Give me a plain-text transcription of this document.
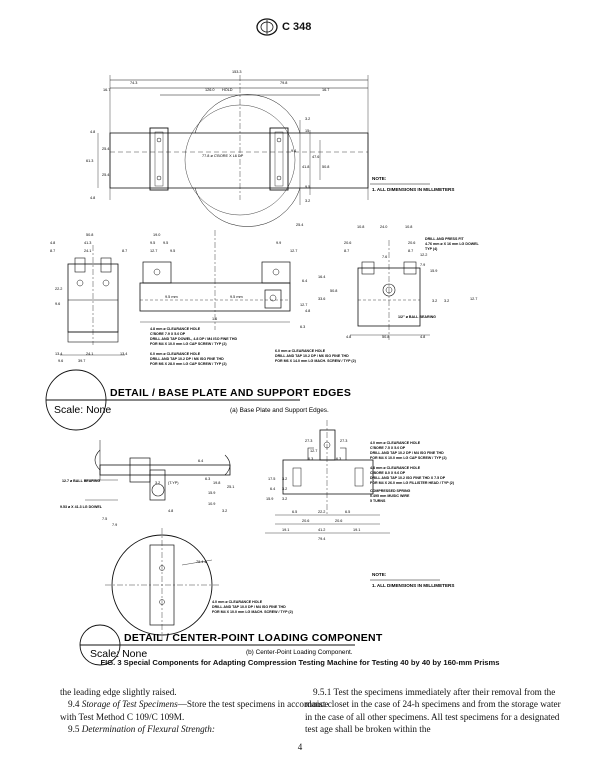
C 348
153.3
74.3	79.8
126.0 HOLD
16.7	16.7
4.8
25.4
61.3
25.4
4.8
3.2
15
9.4
47.6
41.8	50.8
9.5
3.2
77.8 ø C'BORE X L6 DP
NOTE:
1. ALL DIMENSIONS IN MILLIMETERS
50.8
41.3
4.8
8.7	24.1	8.7
22.2
9.6
13.4
39.7
24.1
9.6
13.4
25.4
9.5 9.5
9.5
19.0
12.7
9.9
12.7
9.5 mm	9.5 mm
1.6
6.4
16.4
33.6
12.7
50.8
4.8
6.3
10.8	24.0	10.8
20.6	20.6
7.6
8.7	8.7
7.9
15.9
3.2 3.2	12.7
4.8	50.8	4.8
12.2
4.8 mm ø CLEARANCE HOLE
C'BORE 7.9 X 5.0 DP
DRILL AND TAP DOWEL, 4.8 DP / M4 ISO FINE THD
FOR M4 X 10.0 mm LG CAP SCREW / TYP (2)
6.0 mm ø CLEARANCE HOLE
DRILL AND TAP 10.2 DP / M6 ISO FINE THD
FOR M6 X 28.0 mm LG CAP SCREW / TYP (2)
6.0 mm ø CLEARANCE HOLE
DRILL AND TAP 10.2 DP / M6 ISO FINE THD
FOR M6 X 14.0 mm LG MACH. SCREW / TYP (2)
DRILL AND PRESS FIT
4.76 mm ø X 16 mm LG DOWEL
TYP (4)
1/2" ø BALL BEARING
DETAIL / BASE PLATE AND SUPPORT EDGES
Scale: None	(a) Base Plate and Support Edges.
6.4
3.2 (T.YP)
6.3
19.8
25.1
15.9
10.9
3.2
4.8
7.5
7.9
27.3	27.3
12.7
6.3	6.3
17.5 3.2
6.4 3.2
15.9 3.2
6.5	22.2	6.5
20.6	20.6
19.1	41.2	19.1
79.4
79.4 ø
4.0 mm ø CLEARANCE HOLE
C'BORE 7.5 X 5.0 DP
DRILL AND TAP 10.2 DP / M4 ISO FINE THD
FOR M4 X 10.0 mm LG CAP SCREW / TYP (2)
4.8 mm ø CLEARANCE HOLE
C'BORE 8.0 X 9.6 DP
DRILL AND TAP 10.2 ISO FINE THD X 7.5 DP
FOR M4 X 26.0 mm LG FILLISTER HEAD / TYP (2)
COMPRESSED SPRING
0.495 mm MUSIC WIRE
5 TURNS
12.7 ø BALL BEARING
9.53 ø X 41.3 LG DOWEL
4.0 mm ø CLEARANCE HOLE
DRILL AND TAP 10.0 DP / M4 ISO FINE THD
FOR M4 X 10.0 mm LG MACH. SCREW / TYP (2)
NOTE:
1. ALL DIMENSIONS IN MILLIMETERS
DETAIL / CENTER-POINT LOADING COMPONENT
Scale: None	(b) Center-Point Loading Component.
FIG. 3 Special Components for Adapting Compression Testing Machine for Testing 40 by 40 by 160-mm Prisms

the leading edge slightly raised.

9.4 Storage of Test Specimens—Store the test specimens in accordance with Test Method C 109/C 109M.

9.5 Determination of Flexural Strength:

9.5.1 Test the specimens immediately after their removal from the moist closet in the case of 24-h specimens and from the storage water in the case of all other specimens. All test specimens for a designated test age shall be broken within the

4
